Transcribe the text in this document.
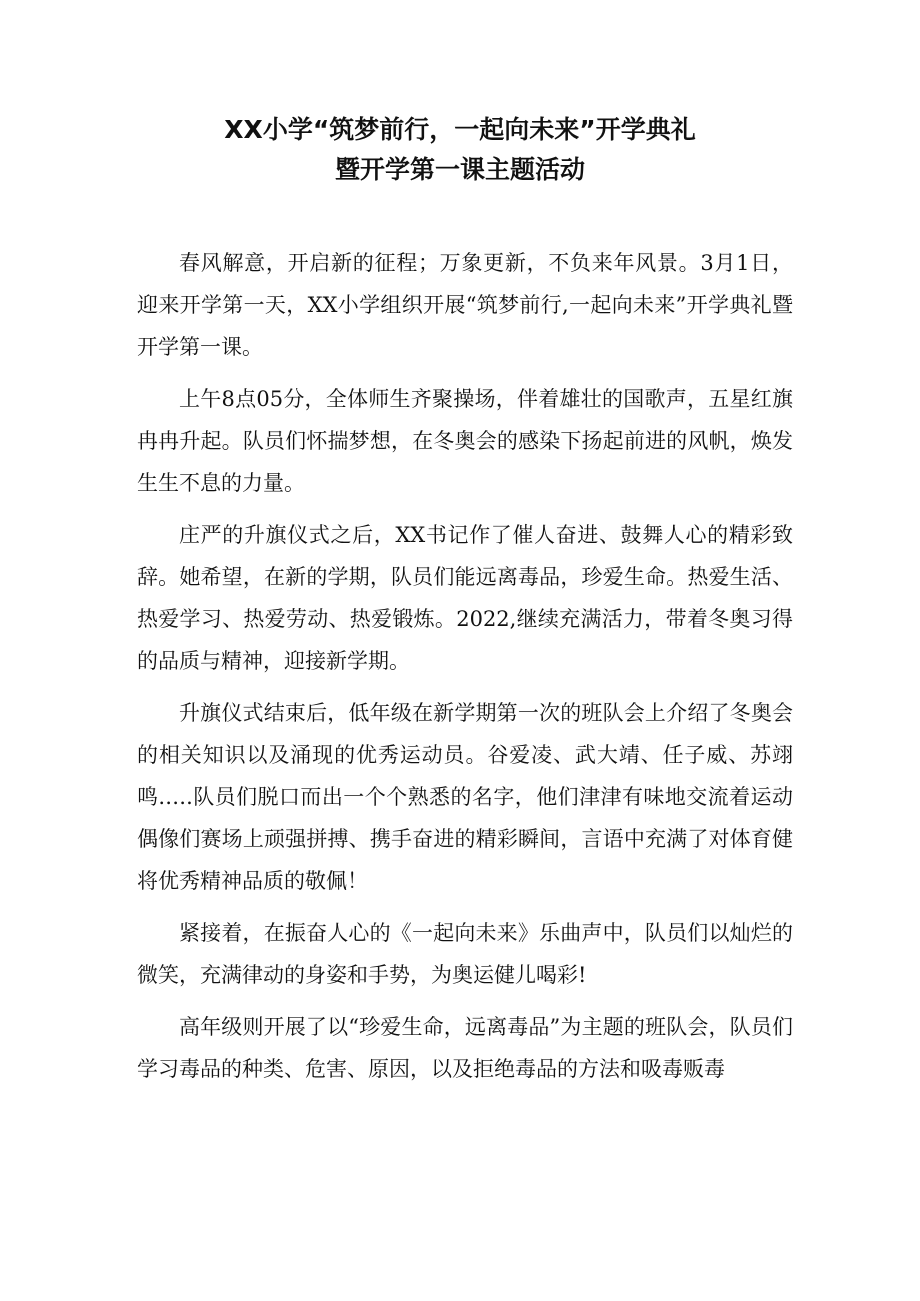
XX小学“筑梦前行，一起向未来”开学典礼
暨开学第一课主题活动

春风解意，开启新的征程；万象更新，不负来年风景。3月1日，迎来开学第一天，XX小学组织开展“筑梦前行,一起向未来”开学典礼暨开学第一课。

上午8点05分，全体师生齐聚操场，伴着雄壮的国歌声，五星红旗冉冉升起。队员们怀揣梦想，在冬奥会的感染下扬起前进的风帆，焕发生生不息的力量。

庄严的升旗仪式之后，XX书记作了催人奋进、鼓舞人心的精彩致辞。她希望，在新的学期，队员们能远离毒品，珍爱生命。热爱生活、热爱学习、热爱劳动、热爱锻炼。2022,继续充满活力，带着冬奥习得的品质与精神，迎接新学期。

升旗仪式结束后，低年级在新学期第一次的班队会上介绍了冬奥会的相关知识以及涌现的优秀运动员。谷爱凌、武大靖、任子威、苏翊鸣.….队员们脱口而出一个个熟悉的名字，他们津津有味地交流着运动偶像们赛场上顽强拼搏、携手奋进的精彩瞬间，言语中充满了对体育健将优秀精神品质的敬佩！

紧接着，在振奋人心的《一起向未来》乐曲声中，队员们以灿烂的微笑，充满律动的身姿和手势，为奥运健儿喝彩!

高年级则开展了以“珍爱生命，远离毒品”为主题的班队会，队员们学习毒品的种类、危害、原因，以及拒绝毒品的方法和吸毒贩毒
